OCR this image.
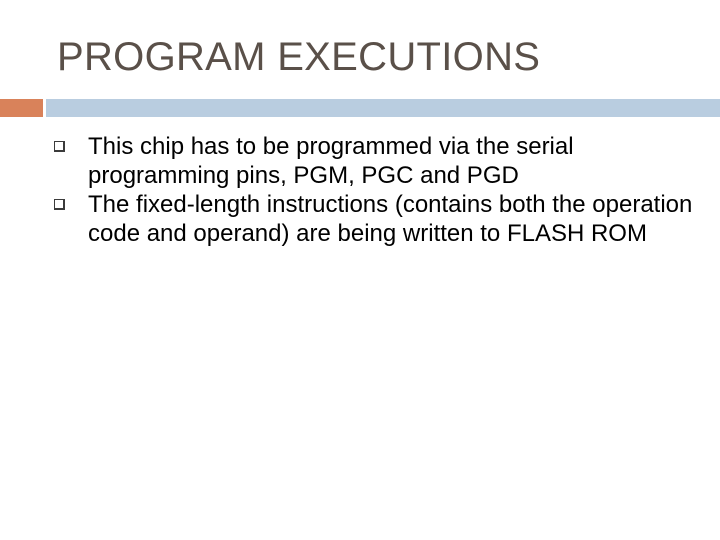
PROGRAM EXECUTIONS
This chip has to be programmed via the serial programming pins, PGM, PGC and PGD
The fixed-length instructions (contains both the operation code and operand) are being written to FLASH ROM
